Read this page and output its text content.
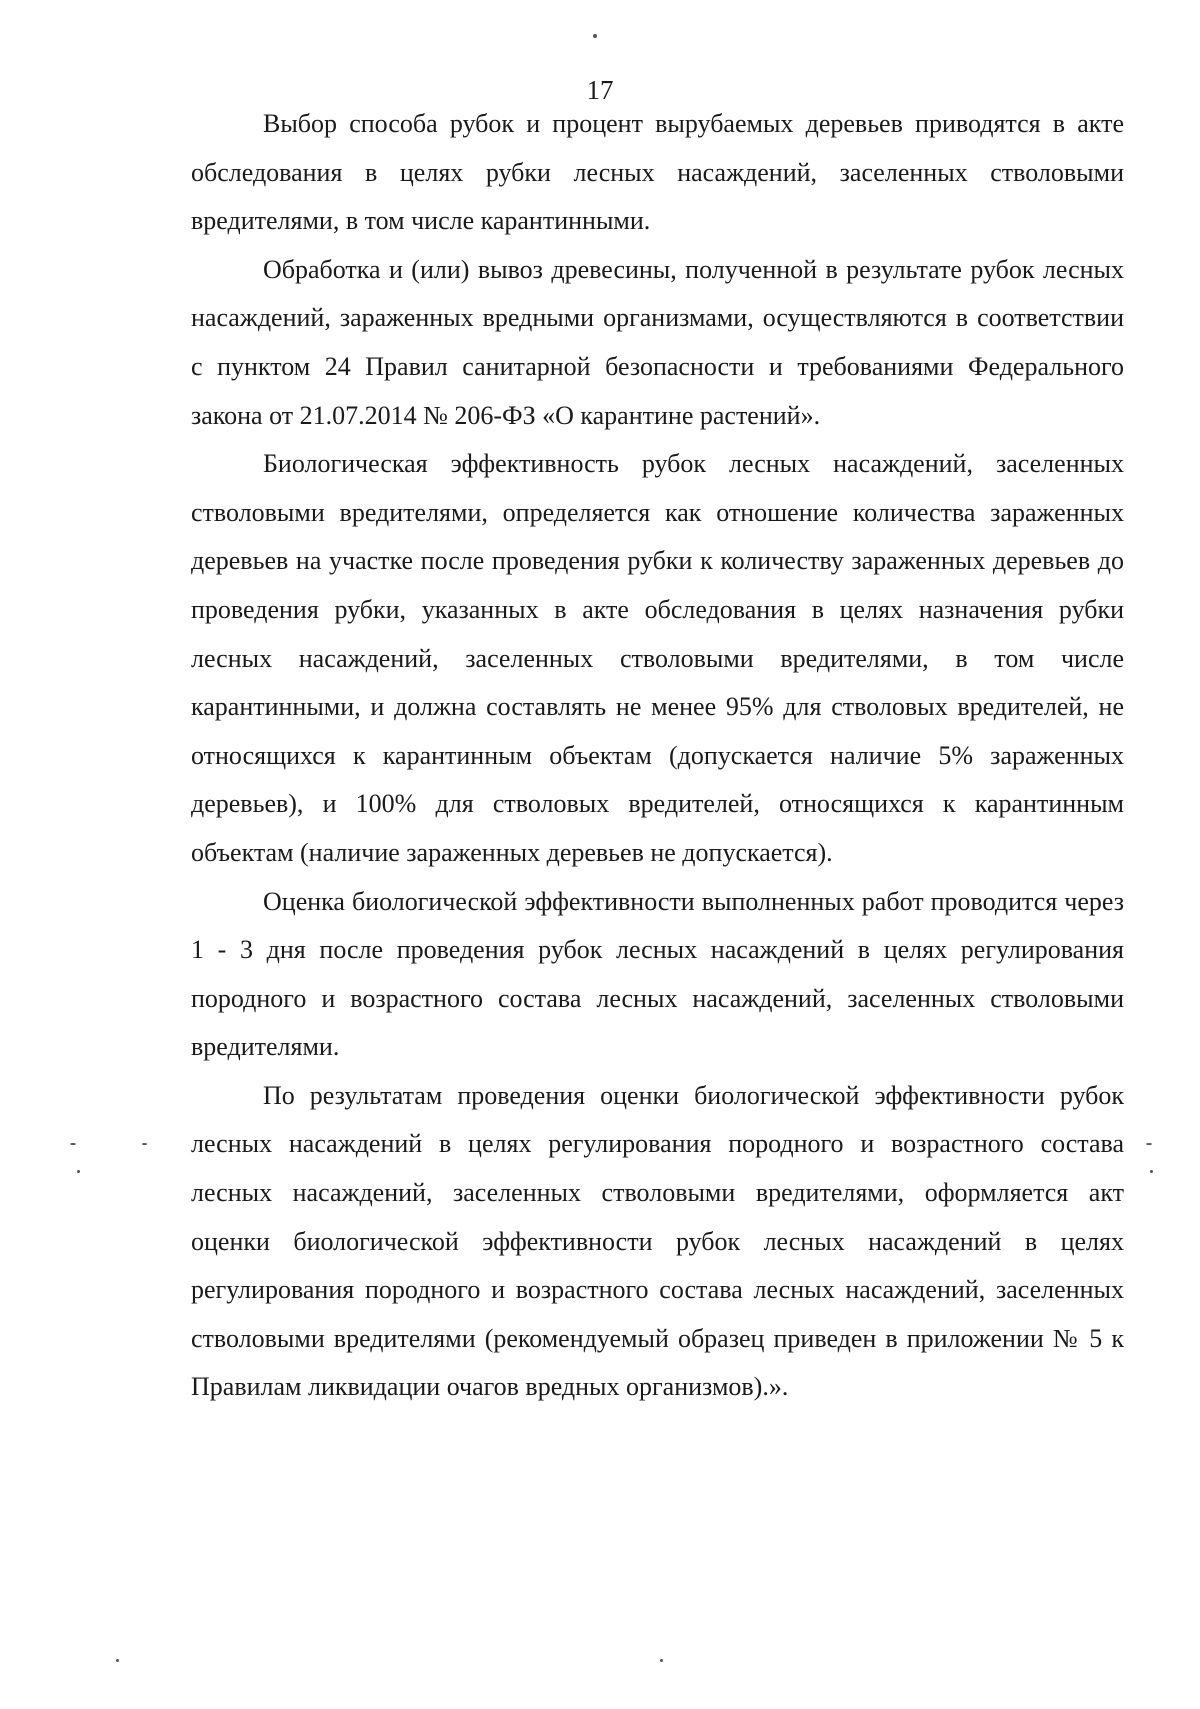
17

Выбор способа рубок и процент вырубаемых деревьев приводятся в акте обследования в целях рубки лесных насаждений, заселенных стволовыми вредителями, в том числе карантинными.

Обработка и (или) вывоз древесины, полученной в результате рубок лесных насаждений, зараженных вредными организмами, осуществляются в соответствии с пунктом 24 Правил санитарной безопасности и требованиями Федерального закона от 21.07.2014 № 206-ФЗ «О карантине растений».

Биологическая эффективность рубок лесных насаждений, заселенных стволовыми вредителями, определяется как отношение количества зараженных деревьев на участке после проведения рубки к количеству зараженных деревьев до проведения рубки, указанных в акте обследования в целях назначения рубки лесных насаждений, заселенных стволовыми вредителями, в том числе карантинными, и должна составлять не менее 95% для стволовых вредителей, не относящихся к карантинным объектам (допускается наличие 5% зараженных деревьев), и 100% для стволовых вредителей, относящихся к карантинным объектам (наличие зараженных деревьев не допускается).

Оценка биологической эффективности выполненных работ проводится через 1 - 3 дня после проведения рубок лесных насаждений в целях регулирования породного и возрастного состава лесных насаждений, заселенных стволовыми вредителями.

По результатам проведения оценки биологической эффективности рубок лесных насаждений в целях регулирования породного и возрастного состава лесных насаждений, заселенных стволовыми вредителями, оформляется акт оценки биологической эффективности рубок лесных насаждений в целях регулирования породного и возрастного состава лесных насаждений, заселенных стволовыми вредителями (рекомендуемый образец приведен в приложении № 5 к Правилам ликвидации очагов вредных организмов).».
